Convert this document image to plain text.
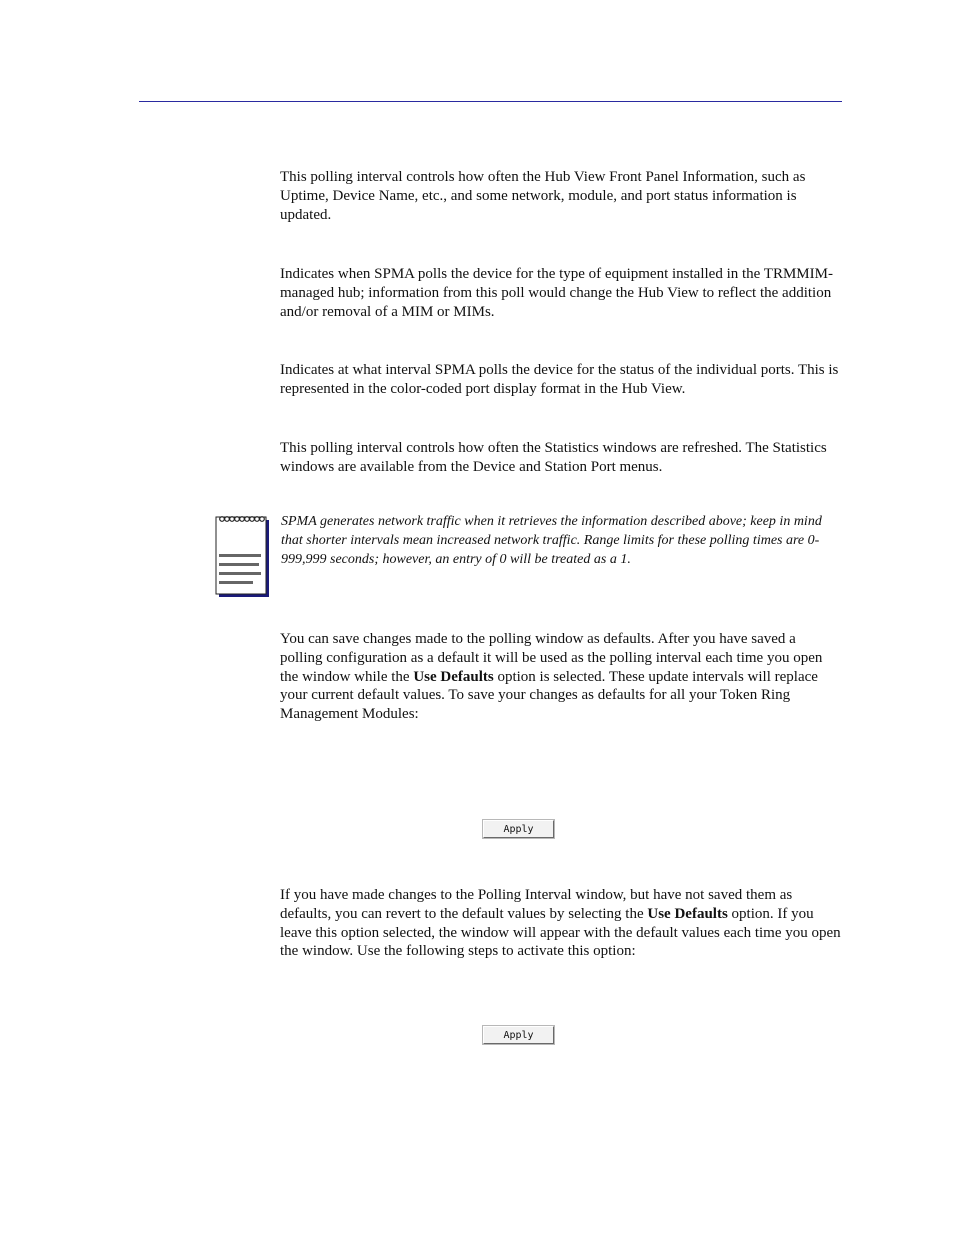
This polling interval controls how often the Hub View Front Panel Information, such as Uptime, Device Name, etc., and some network, module, and port status information is updated.

Indicates when SPMA polls the device for the type of equipment installed in the TRMMIM-managed hub; information from this poll would change the Hub View to reflect the addition and/or removal of a MIM or MIMs.

Indicates at what interval SPMA polls the device for the status of the individual ports. This is represented in the color-coded port display format in the Hub View.

This polling interval controls how often the Statistics windows are refreshed. The Statistics windows are available from the Device and Station Port menus.

SPMA generates network traffic when it retrieves the information described above; keep in mind that shorter intervals mean increased network traffic. Range limits for these polling times are 0-999,999 seconds; however, an entry of 0 will be treated as a 1.

You can save changes made to the polling window as defaults. After you have saved a polling configuration as a default it will be used as the polling interval each time you open the window while the Use Defaults option is selected. These update intervals will replace your current default values. To save your changes as defaults for all your Token Ring Management Modules:

Apply

If you have made changes to the Polling Interval window, but have not saved them as defaults, you can revert to the default values by selecting the Use Defaults option. If you leave this option selected, the window will appear with the default values each time you open the window. Use the following steps to activate this option:

Apply
